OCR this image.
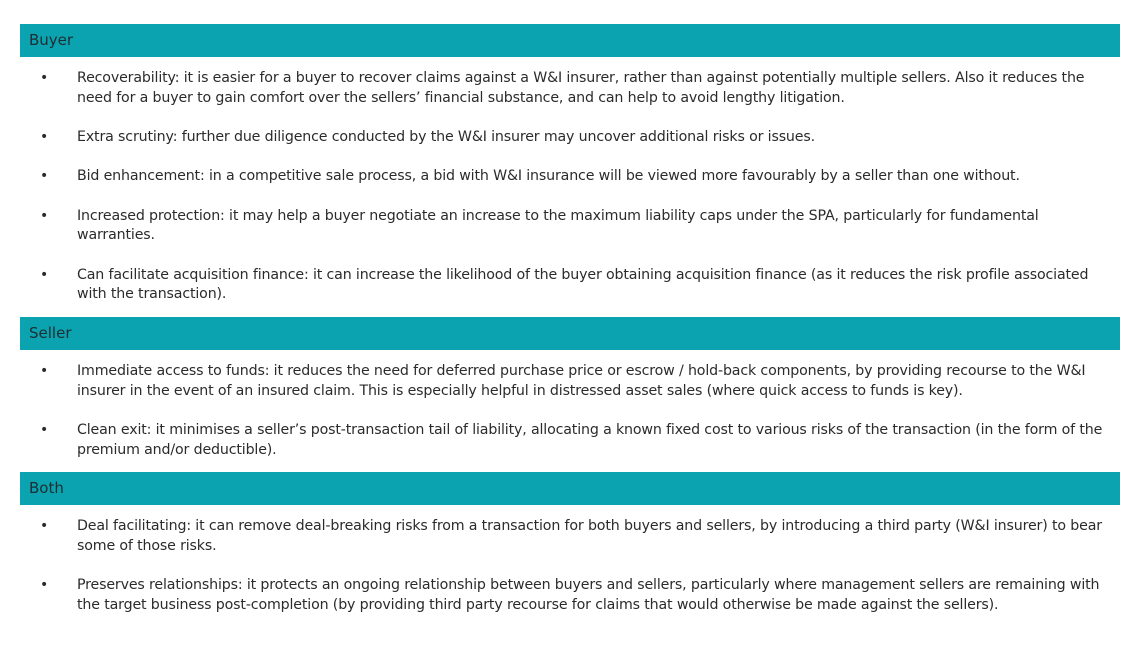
Buyer
• Recoverability: it is easier for a buyer to recover claims against a W&I insurer, rather than against potentially multiple sellers. Also it reduces the need for a buyer to gain comfort over the sellers’ financial substance, and can help to avoid lengthy litigation.
• Extra scrutiny: further due diligence conducted by the W&I insurer may uncover additional risks or issues.
• Bid enhancement: in a competitive sale process, a bid with W&I insurance will be viewed more favourably by a seller than one without.
• Increased protection: it may help a buyer negotiate an increase to the maximum liability caps under the SPA, particularly for fundamental warranties.
• Can facilitate acquisition finance: it can increase the likelihood of the buyer obtaining acquisition finance (as it reduces the risk profile associated with the transaction).
Seller
• Immediate access to funds: it reduces the need for deferred purchase price or escrow / hold-back components, by providing recourse to the W&I insurer in the event of an insured claim. This is especially helpful in distressed asset sales (where quick access to funds is key).
• Clean exit: it minimises a seller’s post-transaction tail of liability, allocating a known fixed cost to various risks of the transaction (in the form of the premium and/or deductible).
Both
• Deal facilitating: it can remove deal-breaking risks from a transaction for both buyers and sellers, by introducing a third party (W&I insurer) to bear some of those risks.
• Preserves relationships: it protects an ongoing relationship between buyers and sellers, particularly where management sellers are remaining with the target business post-completion (by providing third party recourse for claims that would otherwise be made against the sellers).
